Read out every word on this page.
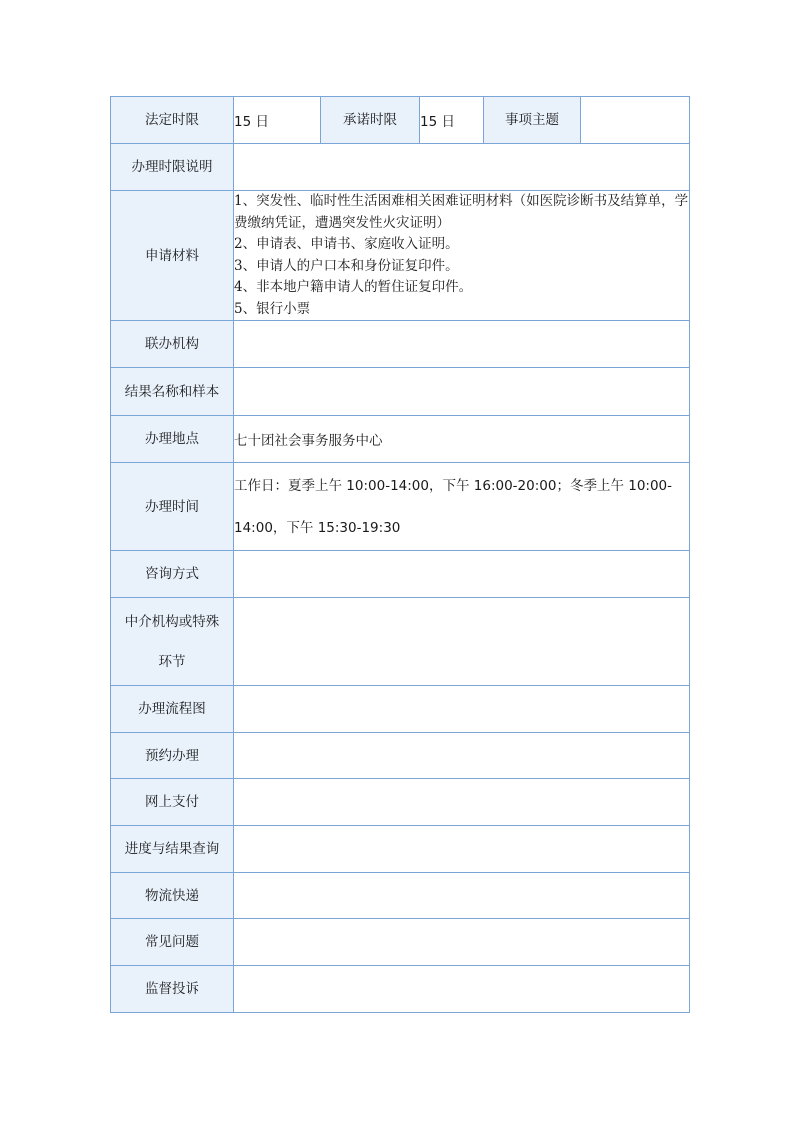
法定时限	15 日	承诺时限	15 日	事项主题	
办理时限说明					
申请材料	1、突发性、临时性生活困难相关困难证明材料（如医院诊断书及结算单，学费缴纳凭证，遭遇突发性火灾证明）
2、申请表、申请书、家庭收入证明。
3、申请人的户口本和身份证复印件。
4、非本地户籍申请人的暂住证复印件。
5、银行小票				

联办机构					
结果名称和样本					
办理地点	七十团社会事务服务中心				
办理时间	工作日：夏季上午 10:00-14:00，下午 16:00-20:00；冬季上午 10:00-14:00，下午 15:30-19:30				
咨询方式					

中介机构或特殊
环节					

办理流程图					
预约办理					
网上支付					
进度与结果查询					
物流快递					
常见问题					
监督投诉					
